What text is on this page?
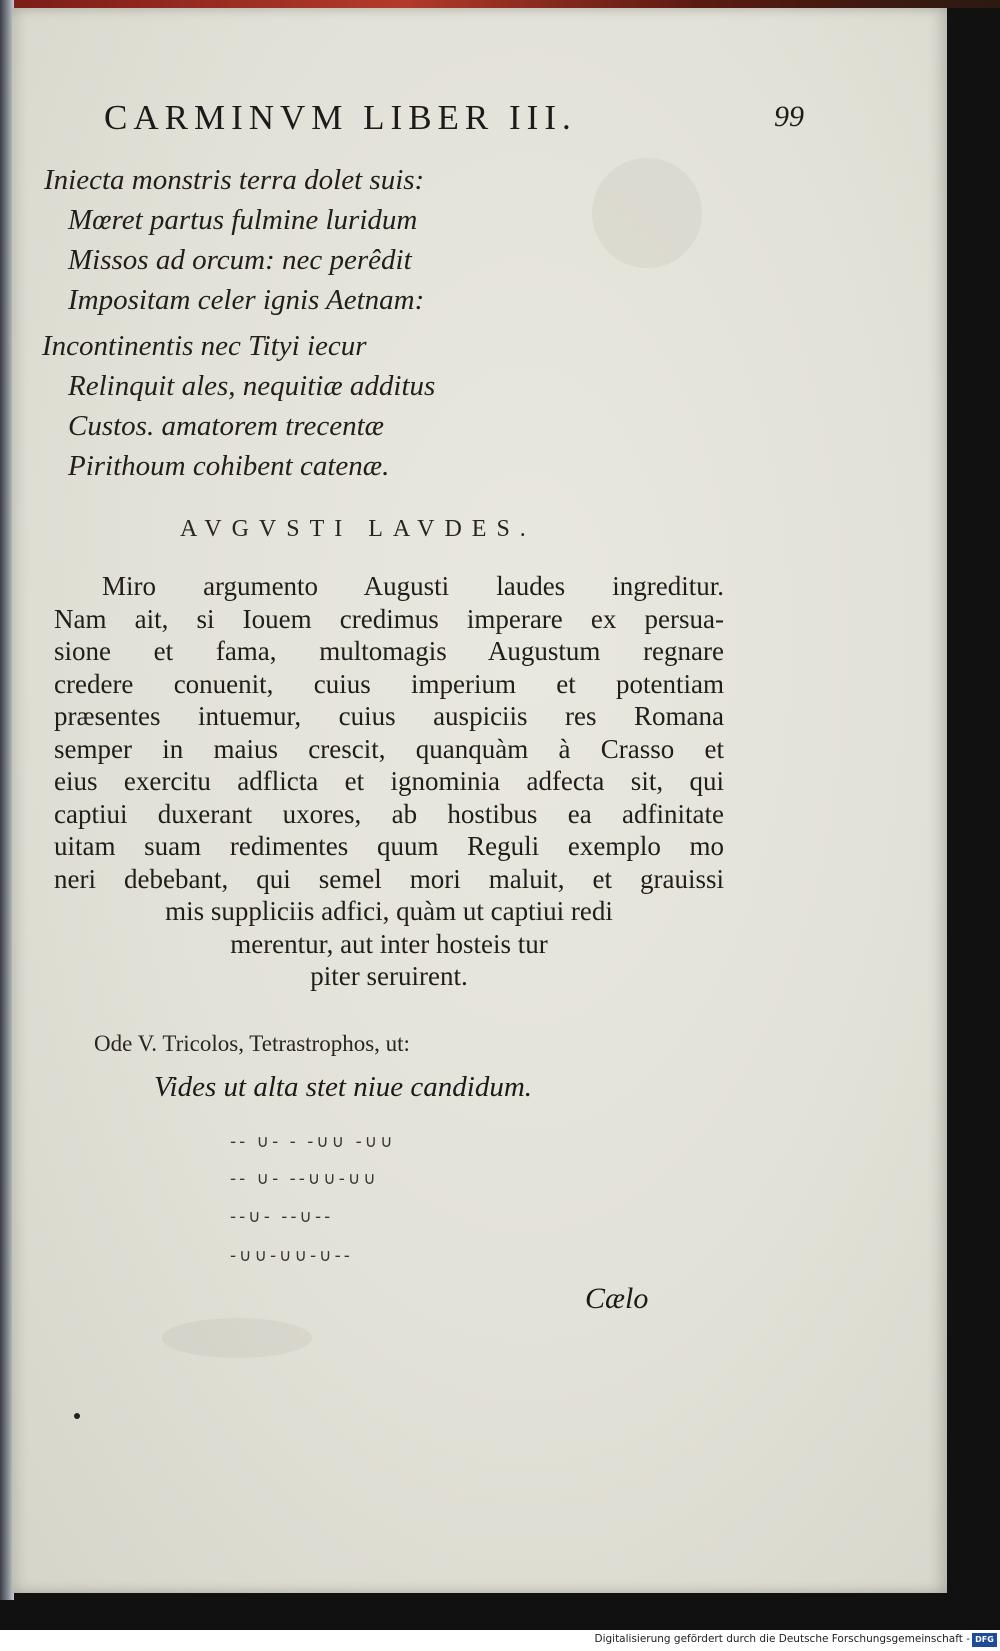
CARMINVM LIBER III.	99
Iniecta monstris terra dolet suis:
Mœret partus fulmine luridum
Missos ad orcum: nec perêdit
Impositam celer ignis Aetnam:
Incontinentis nec Tityi iecur
Relinquit ales, nequitiæ additus
Custos. amatorem trecentæ
Pirithoum cohibent catenæ.
AVGVSTI LAVDES.
Miro argumento Augusti laudes ingreditur.
Nam ait, si Iouem credimus imperare ex persua-
sione et fama, multomagis Augustum regnare
credere conuenit, cuius imperium et potentiam
præsentes intuemur, cuius auspiciis res Romana
semper in maius crescit, quanquàm à Crasso et
eius exercitu adflicta et ignominia adfecta sit, qui
captiui duxerant uxores, ab hostibus ea adfinitate
uitam suam redimentes quum Reguli exemplo mo
neri debebant, qui semel mori maluit, et grauissi
mis suppliciis adfici, quàm ut captiui redi
merentur, aut inter hosteis tur
piter seruirent.
Ode V. Tricolos, Tetrastrophos, ut:
Vides ut alta stet niue candidum.
-- ∪- - -∪∪ -∪∪
-- ∪- --∪∪-∪∪
--∪- --∪--
-∪∪-∪∪-∪--
Cælo
Digitalisierung gefördert durch die Deutsche Forschungsgemeinschaft - DFG
